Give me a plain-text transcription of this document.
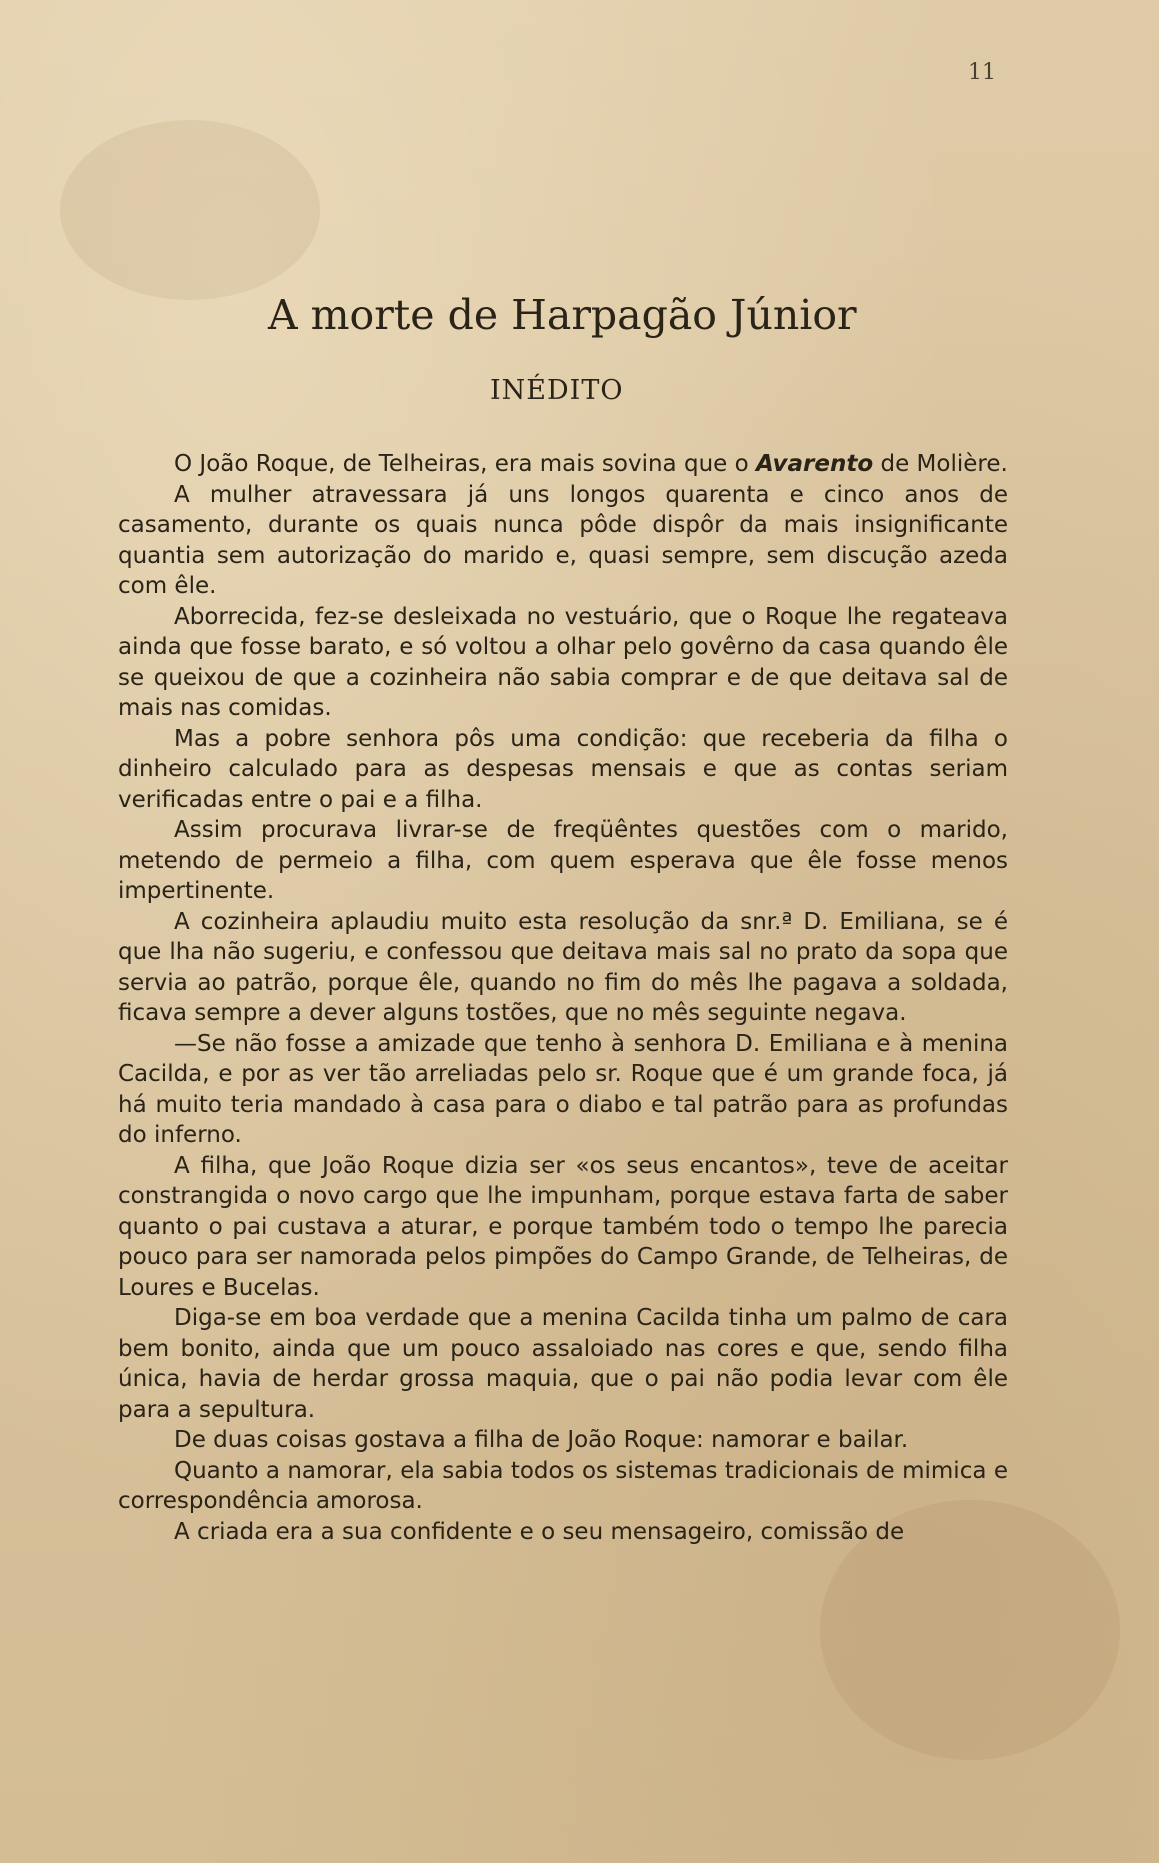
11
A morte de Harpagão Júnior
INÉDITO

O João Roque, de Telheiras, era mais sovina que o Avarento de Molière.

A mulher atravessara já uns longos quarenta e cinco anos de casamento, durante os quais nunca pôde dispôr da mais insignificante quantia sem autorização do marido e, quasi sempre, sem discução azeda com êle.

Aborrecida, fez-se desleixada no vestuário, que o Roque lhe regateava ainda que fosse barato, e só voltou a olhar pelo govêrno da casa quando êle se queixou de que a cozinheira não sabia comprar e de que deitava sal de mais nas comidas.

Mas a pobre senhora pôs uma condição: que receberia da filha o dinheiro calculado para as despesas mensais e que as contas seriam verificadas entre o pai e a filha.

Assim procurava livrar-se de freqüêntes questões com o marido, metendo de permeio a filha, com quem esperava que êle fosse menos impertinente.

A cozinheira aplaudiu muito esta resolução da snr.ª D. Emiliana, se é que lha não sugeriu, e confessou que deitava mais sal no prato da sopa que servia ao patrão, porque êle, quando no fim do mês lhe pagava a soldada, ficava sempre a dever alguns tostões, que no mês seguinte negava.

—Se não fosse a amizade que tenho à senhora D. Emiliana e à menina Cacilda, e por as ver tão arreliadas pelo sr. Roque que é um grande foca, já há muito teria mandado à casa para o diabo e tal patrão para as profundas do inferno.

A filha, que João Roque dizia ser «os seus encantos», teve de aceitar constrangida o novo cargo que lhe impunham, porque estava farta de saber quanto o pai custava a aturar, e porque também todo o tempo lhe parecia pouco para ser namorada pelos pimpões do Campo Grande, de Telheiras, de Loures e Bucelas.

Diga-se em boa verdade que a menina Cacilda tinha um palmo de cara bem bonito, ainda que um pouco assaloiado nas cores e que, sendo filha única, havia de herdar grossa maquia, que o pai não podia levar com êle para a sepultura.

De duas coisas gostava a filha de João Roque: namorar e bailar.

Quanto a namorar, ela sabia todos os sistemas tradicionais de mimica e correspondência amorosa.

A criada era a sua confidente e o seu mensageiro, comissão de
